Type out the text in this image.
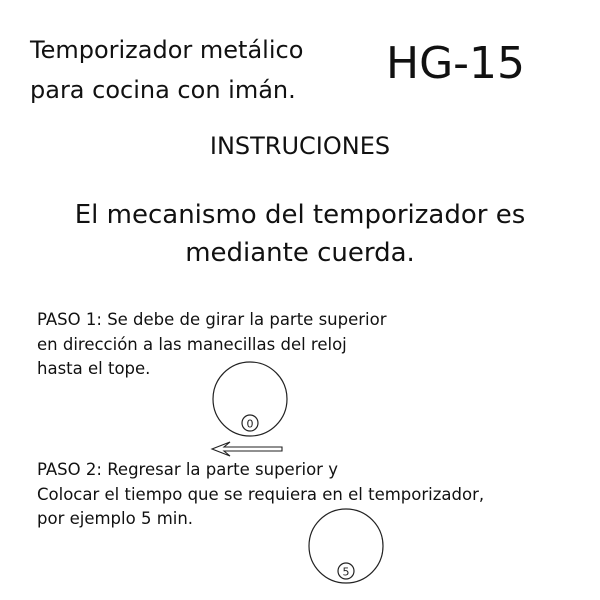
Temporizador metálico
para cocina con imán.
HG-15
INSTRUCIONES
El mecanismo del temporizador es
mediante cuerda.
PASO 1: Se debe de girar la parte superior
en dirección a las manecillas del reloj
hasta el tope.
PASO 2: Regresar la parte superior y
Colocar el tiempo que se requiera en el temporizador,
por ejemplo 5 min.
0
5
